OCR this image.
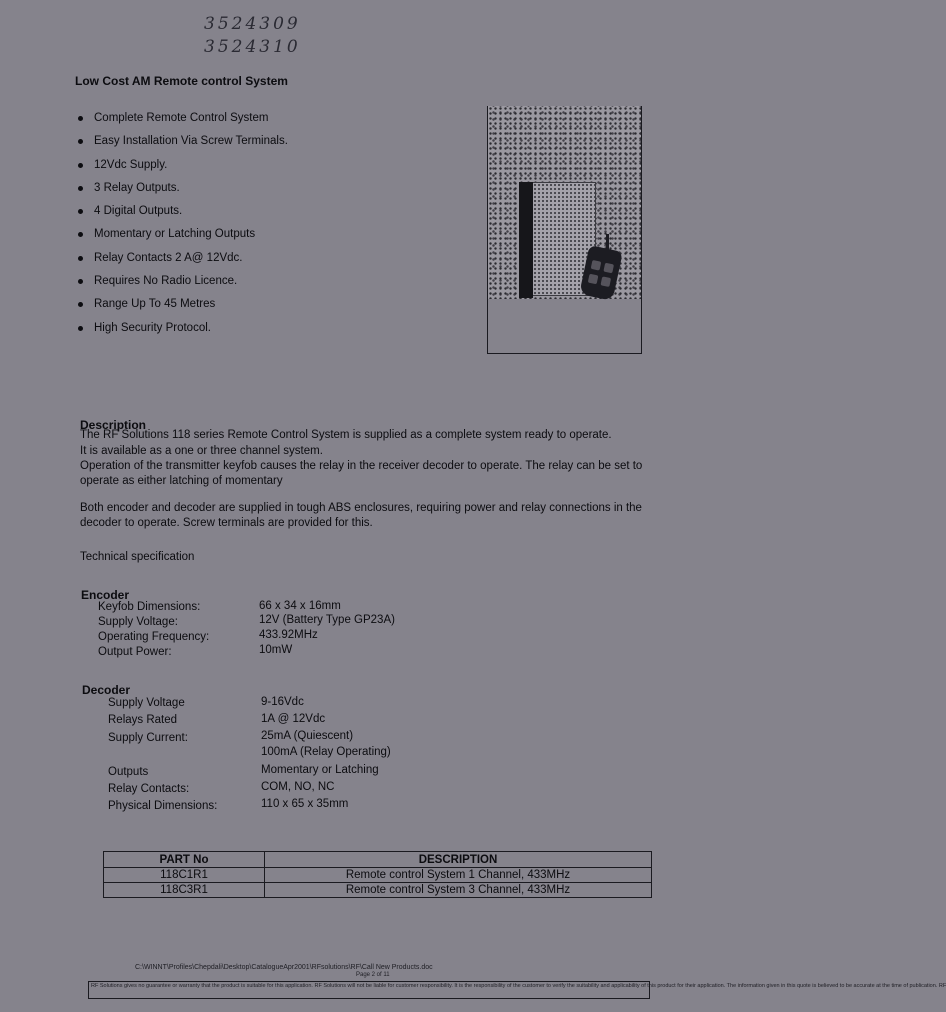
3524309
3524310
Low Cost AM Remote control System
Complete Remote Control System
Easy Installation Via Screw Terminals.
12Vdc Supply.
3 Relay Outputs.
4 Digital Outputs.
Momentary or Latching Outputs
Relay Contacts 2 A@ 12Vdc.
Requires No Radio Licence.
Range Up To 45 Metres
High Security Protocol.
Description
The RF Solutions 118 series Remote Control System is supplied as a complete system ready to operate.
It is available as a one or three channel system.
Operation of the transmitter keyfob causes the relay in the receiver decoder to operate. The relay can be set to operate as either latching of momentary
Both encoder and decoder are supplied in tough ABS enclosures, requiring power and relay connections in the decoder to operate. Screw terminals are provided for this.
Technical specification
Encoder
Keyfob Dimensions:	66 x 34 x 16mm
Supply Voltage:	12V (Battery Type GP23A)
Operating Frequency:	433.92MHz
Output Power:	10mW
Decoder
Supply Voltage	9-16Vdc
Relays Rated	1A @ 12Vdc
Supply Current:	25mA (Quiescent)
100mA (Relay Operating)
Outputs	Momentary or Latching
Relay Contacts:	COM, NO, NC
Physical Dimensions:	110 x 65 x 35mm
PART No	DESCRIPTION
118C1R1	Remote control System 1 Channel, 433MHz
118C3R1	Remote control System 3 Channel, 433MHz
C:\WINNT\Profiles\Chepdali\Desktop\CatalogueApr2001\RFsolutions\RF\Call New Products.doc
Page 2 of 11
RF Solutions gives no guarantee or warranty that the product is suitable for this application. RF Solutions will not be liable for customer responsibility. It is the responsibility of the customer to verify the suitability and applicability of this product for their application. The information given in this quote is believed to be accurate at the time of publication. RF
